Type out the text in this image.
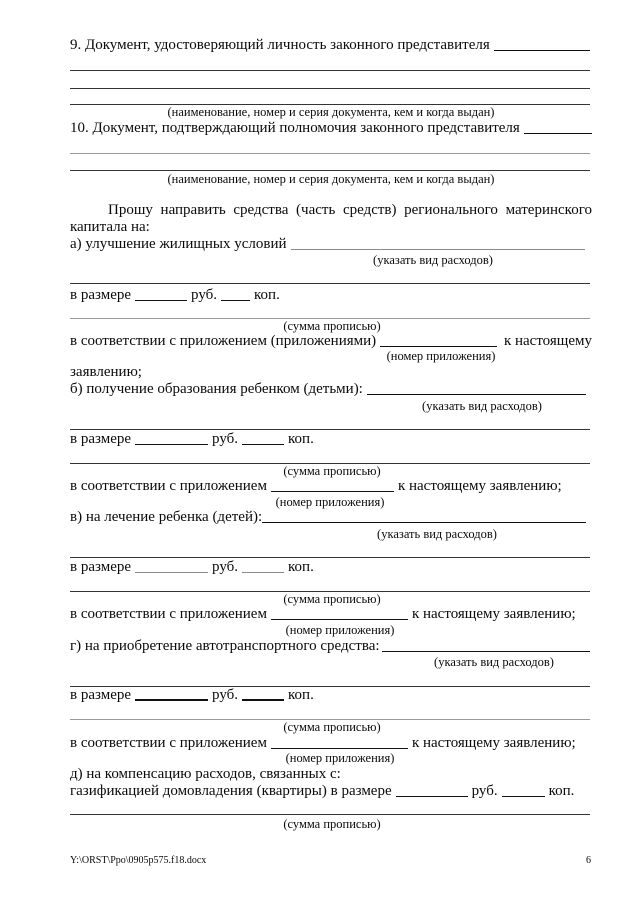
9. Документ, удостоверяющий личность законного представителя
(наименование, номер и серия документа, кем и когда выдан)
10. Документ, подтверждающий полномочия законного представителя
(наименование, номер и серия документа, кем и когда выдан)
Прошу направить средства (часть средств) регионального материнского
капитала на:
а) улучшение жилищных условий
(указать вид расходов)
в размере	руб. коп.
(сумма прописью)
в соответствии с приложением (приложениями)	к настоящему
(номер приложения)
заявлению;
б) получение образования ребенком (детьми):
(указать вид расходов)
в размере	руб.	коп.
(сумма прописью)
в соответствии с приложением	к настоящему заявлению;
(номер приложения)
в) на лечение ребенка (детей):
(указать вид расходов)
в размере	руб.	коп.
(сумма прописью)
в соответствии с приложением	к настоящему заявлению;
(номер приложения)
г) на приобретение автотранспортного средства:
(указать вид расходов)
в размере	руб.	коп.
(сумма прописью)
в соответствии с приложением	к настоящему заявлению;
(номер приложения)
д) на компенсацию расходов, связанных с:
газификацией домовладения (квартиры) в размере	руб.	коп.
(сумма прописью)
Y:\ORST\Ppo\0905p575.f18.docx	6
